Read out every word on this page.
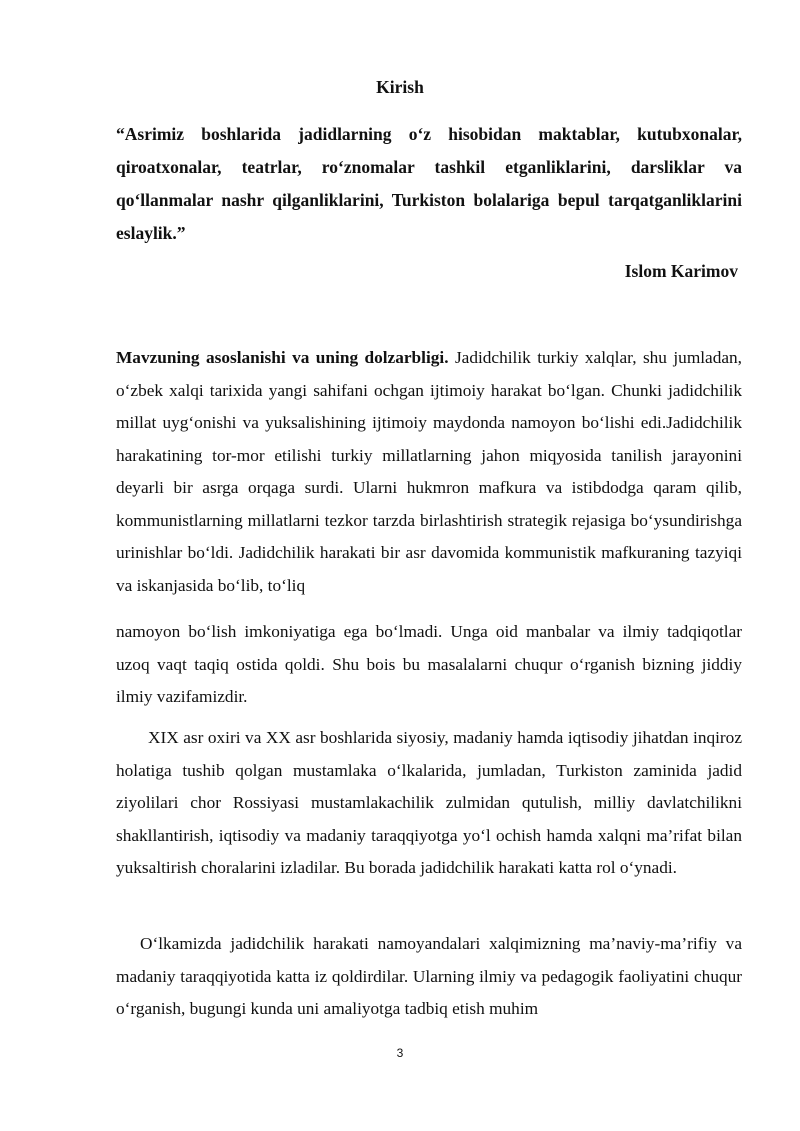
Kirish
“Asrimiz boshlarida jadidlarning o‘z hisobidan maktablar, kutubxonalar, qiroatxonalar, teatrlar, ro‘znomalar tashkil etganliklarini, darsliklar va qo‘llanmalar nashr qilganliklarini, Turkiston bolalariga bepul tarqatganliklarini eslaylik.”
Islom Karimov

Mavzuning asoslanishi va uning dolzarbligi. Jadidchilik turkiy xalqlar, shu jumladan, o‘zbek xalqi tarixida yangi sahifani ochgan ijtimoiy harakat bo‘lgan. Chunki jadidchilik millat uyg‘onishi va yuksalishining ijtimoiy maydonda namoyon bo‘lishi edi.Jadidchilik harakatining tor-mor etilishi turkiy millatlarning jahon miqyosida tanilish jarayonini deyarli bir asrga orqaga surdi. Ularni hukmron mafkura va istibdodga qaram qilib, kommunistlarning millatlarni tezkor tarzda birlashtirish strategik rejasiga bo‘ysundirishga urinishlar bo‘ldi. Jadidchilik harakati bir asr davomida kommunistik mafkuraning tazyiqi va iskanjasida bo‘lib, to‘liq

namoyon bo‘lish imkoniyatiga ega bo‘lmadi. Unga oid manbalar va ilmiy tadqiqotlar uzoq vaqt taqiq ostida qoldi. Shu bois bu masalalarni chuqur o‘rganish bizning jiddiy ilmiy vazifamizdir.

XIX asr oxiri va XX asr boshlarida siyosiy, madaniy hamda iqtisodiy jihatdan inqiroz holatiga tushib qolgan mustamlaka o‘lkalarida, jumladan, Turkiston zaminida jadid ziyolilari chor Rossiyasi mustamlakachilik zulmidan qutulish, milliy davlatchilikni shakllantirish, iqtisodiy va madaniy taraqqiyotga yo‘l ochish hamda xalqni ma’rifat bilan yuksaltirish choralarini izladilar. Bu borada jadidchilik harakati katta rol o‘ynadi.

O‘lkamizda jadidchilik harakati namoyandalari xalqimizning ma’naviy-ma’rifiy va madaniy taraqqiyotida katta iz qoldirdilar. Ularning ilmiy va pedagogik faoliyatini chuqur o‘rganish, bugungi kunda uni amaliyotga tadbiq etish muhim

3
